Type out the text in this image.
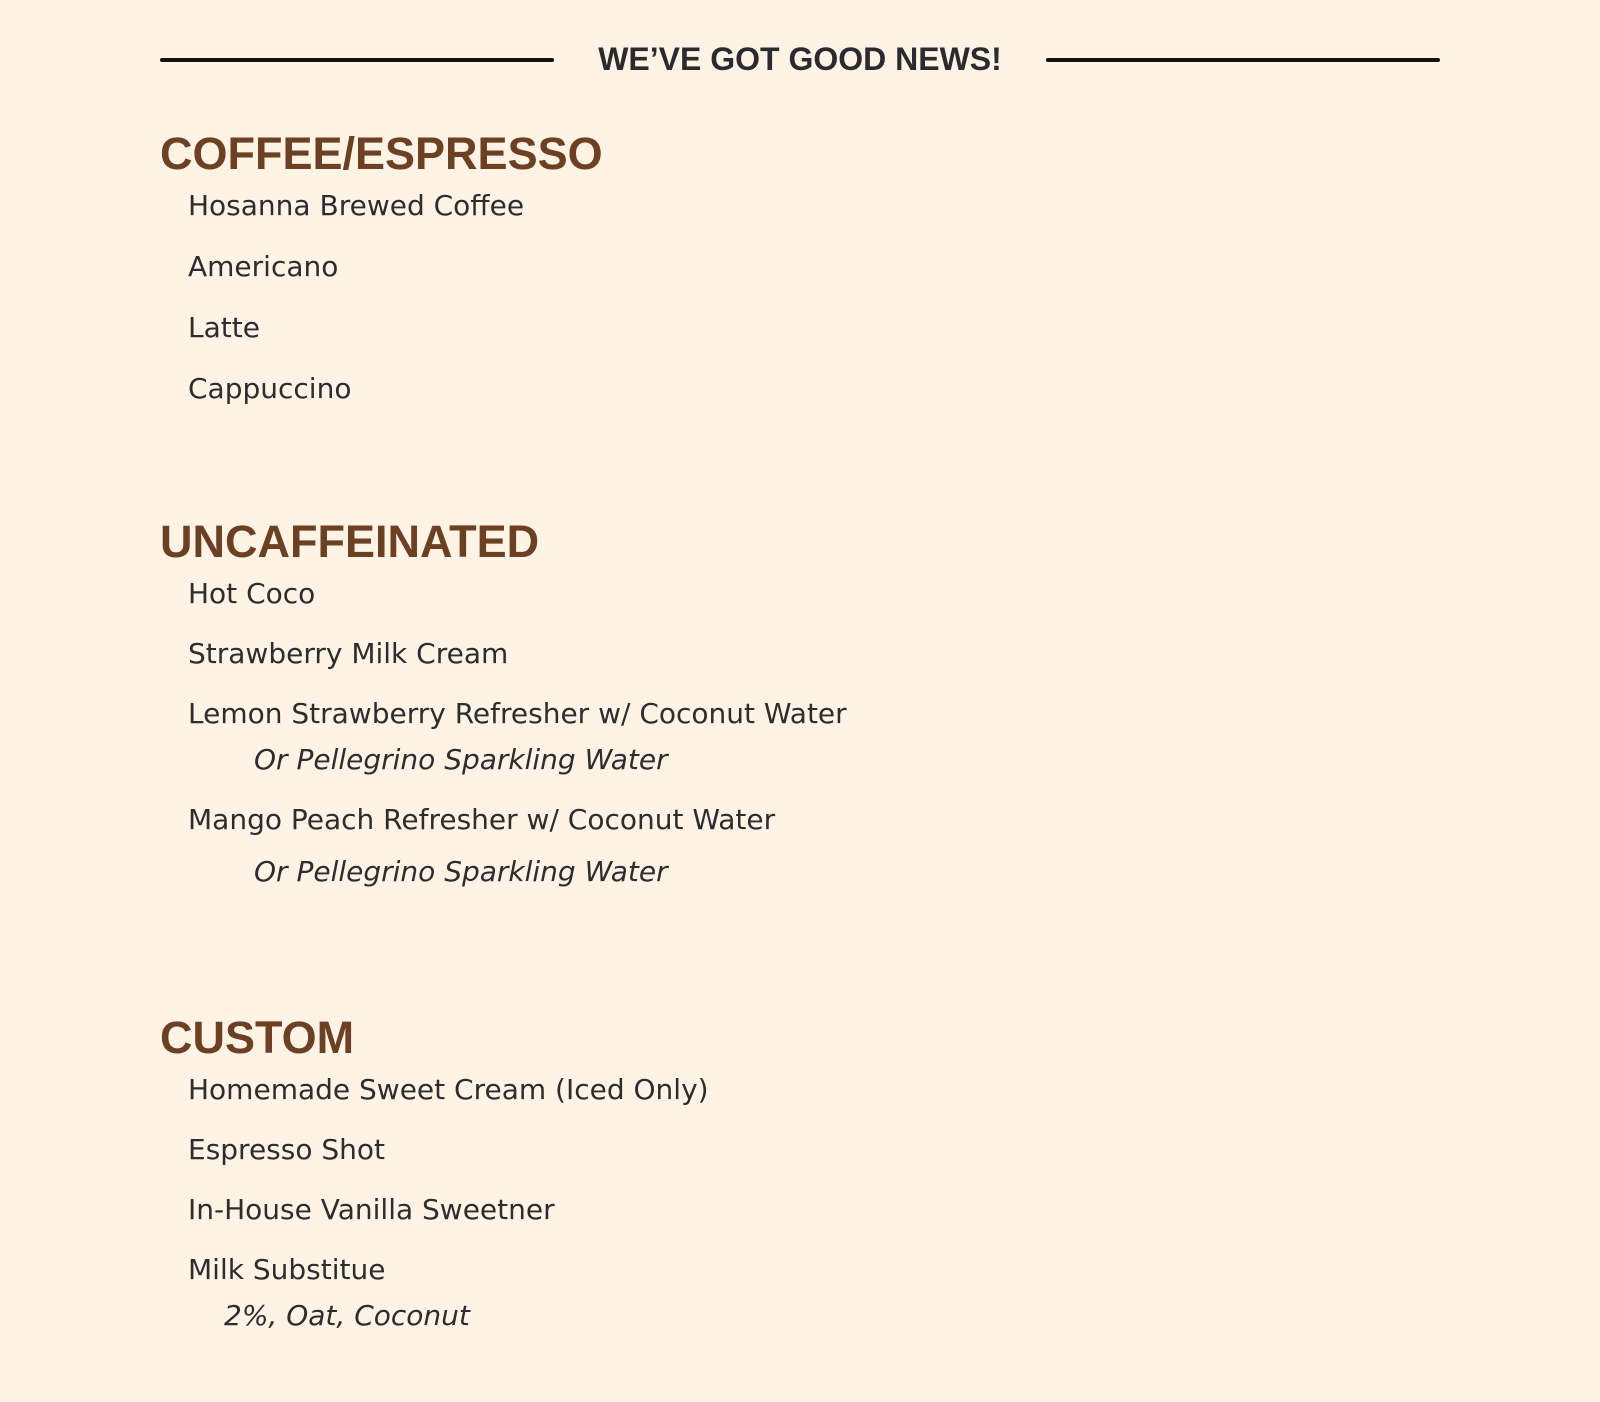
WE’VE GOT GOOD NEWS!
COFFEE/ESPRESSO
Hosanna Brewed Coffee
Americano
Latte
Cappuccino
UNCAFFEINATED
Hot Coco
Strawberry Milk Cream
Lemon Strawberry Refresher w/ Coconut Water
Or Pellegrino Sparkling Water
Mango Peach Refresher w/ Coconut Water
Or Pellegrino Sparkling Water
CUSTOM
Homemade Sweet Cream (Iced Only)
Espresso Shot
In-House Vanilla Sweetner
Milk Substitue
2%, Oat, Coconut
